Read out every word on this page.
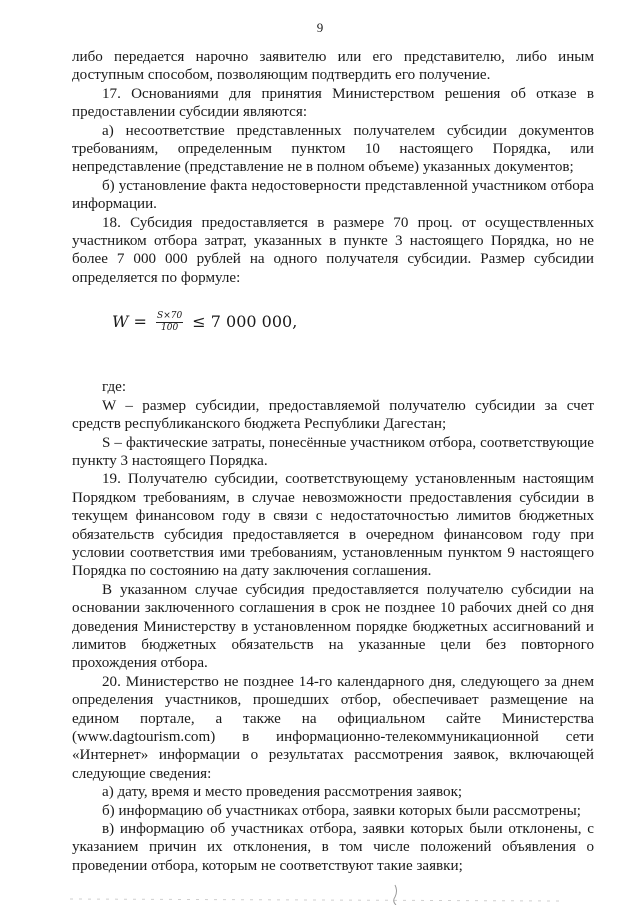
9

либо передается нарочно заявителю или его представителю, либо иным доступным способом, позволяющим подтвердить его получение.

17. Основаниями для принятия Министерством решения об отказе в предоставлении субсидии являются:

а) несоответствие представленных получателем субсидии документов требованиям, определенным пунктом 10 настоящего Порядка, или непредставление (представление не в полном объеме) указанных документов;

б) установление факта недостоверности представленной участником отбора информации.

18. Субсидия предоставляется в размере 70 проц. от осуществленных участником отбора затрат, указанных в пункте 3 настоящего Порядка, но не более 7 000 000 рублей на одного получателя субсидии. Размер субсидии определяется по формуле:

$W = \frac{S\times 70}{100} \le 7$ 000 000,

где:

W – размер субсидии, предоставляемой получателю субсидии за счет средств республиканского бюджета Республики Дагестан;

S – фактические затраты, понесённые участником отбора, соответствующие пункту 3 настоящего Порядка.

19. Получателю субсидии, соответствующему установленным настоящим Порядком требованиям, в случае невозможности предоставления субсидии в текущем финансовом году в связи с недостаточностью лимитов бюджетных обязательств субсидия предоставляется в очередном финансовом году при условии соответствия ими требованиям, установленным пунктом 9 настоящего Порядка по состоянию на дату заключения соглашения.

В указанном случае субсидия предоставляется получателю субсидии на основании заключенного соглашения в срок не позднее 10 рабочих дней со дня доведения Министерству в установленном порядке бюджетных ассигнований и лимитов бюджетных обязательств на указанные цели без повторного прохождения отбора.

20. Министерство не позднее 14-го календарного дня, следующего за днем определения участников, прошедших отбор, обеспечивает размещение на едином портале, а также на официальном сайте Министерства (www.dagtourism.com) в информационно-телекоммуникационной сети «Интернет» информации о результатах рассмотрения заявок, включающей следующие сведения:

а) дату, время и место проведения рассмотрения заявок;

б) информацию об участниках отбора, заявки которых были рассмотрены;

в) информацию об участниках отбора, заявки которых были отклонены, с указанием причин их отклонения, в том числе положений объявления о проведении отбора, которым не соответствуют такие заявки;
